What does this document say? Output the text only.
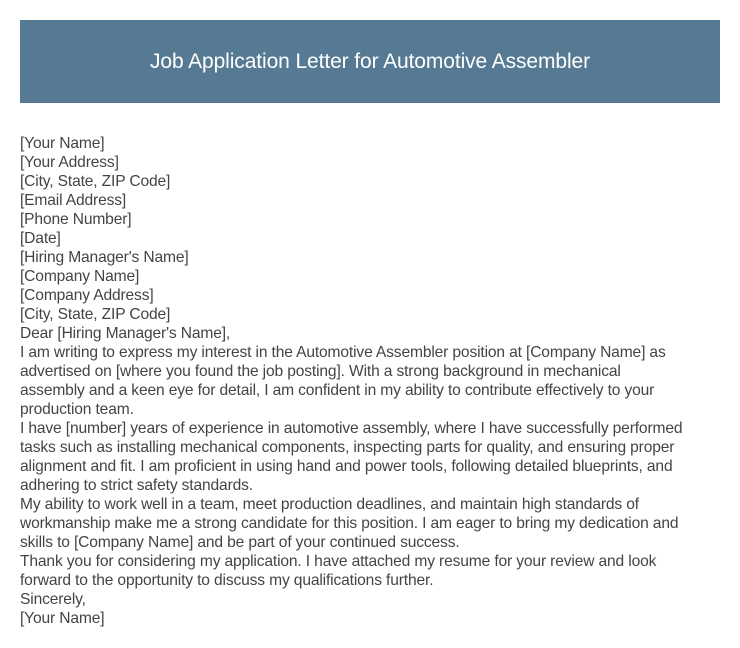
Job Application Letter for Automotive Assembler
[Your Name]
[Your Address]
[City, State, ZIP Code]
[Email Address]
[Phone Number]
[Date]
[Hiring Manager's Name]
[Company Name]
[Company Address]
[City, State, ZIP Code]
Dear [Hiring Manager's Name],
I am writing to express my interest in the Automotive Assembler position at [Company Name] as
advertised on [where you found the job posting]. With a strong background in mechanical
assembly and a keen eye for detail, I am confident in my ability to contribute effectively to your
production team.
I have [number] years of experience in automotive assembly, where I have successfully performed
tasks such as installing mechanical components, inspecting parts for quality, and ensuring proper
alignment and fit. I am proficient in using hand and power tools, following detailed blueprints, and
adhering to strict safety standards.
My ability to work well in a team, meet production deadlines, and maintain high standards of
workmanship make me a strong candidate for this position. I am eager to bring my dedication and
skills to [Company Name] and be part of your continued success.
Thank you for considering my application. I have attached my resume for your review and look
forward to the opportunity to discuss my qualifications further.
Sincerely,
[Your Name]
